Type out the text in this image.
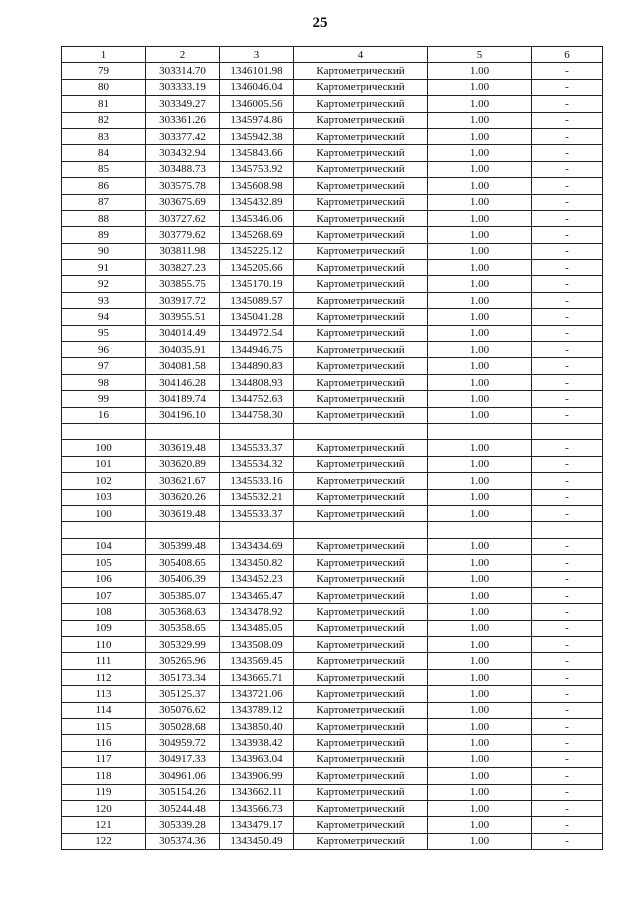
25
1	2	3	4	5	6
79	303314.70	1346101.98	Картометрический	1.00	-
80	303333.19	1346046.04	Картометрический	1.00	-
81	303349.27	1346005.56	Картометрический	1.00	-
82	303361.26	1345974.86	Картометрический	1.00	-
83	303377.42	1345942.38	Картометрический	1.00	-
84	303432.94	1345843.66	Картометрический	1.00	-
85	303488.73	1345753.92	Картометрический	1.00	-
86	303575.78	1345608.98	Картометрический	1.00	-
87	303675.69	1345432.89	Картометрический	1.00	-
88	303727.62	1345346.06	Картометрический	1.00	-
89	303779.62	1345268.69	Картометрический	1.00	-
90	303811.98	1345225.12	Картометрический	1.00	-
91	303827.23	1345205.66	Картометрический	1.00	-
92	303855.75	1345170.19	Картометрический	1.00	-
93	303917.72	1345089.57	Картометрический	1.00	-
94	303955.51	1345041.28	Картометрический	1.00	-
95	304014.49	1344972.54	Картометрический	1.00	-
96	304035.91	1344946.75	Картометрический	1.00	-
97	304081.58	1344890.83	Картометрический	1.00	-
98	304146.28	1344808.93	Картометрический	1.00	-
99	304189.74	1344752.63	Картометрический	1.00	-
16	304196.10	1344758.30	Картометрический	1.00	-

100	303619.48	1345533.37	Картометрический	1.00	-
101	303620.89	1345534.32	Картометрический	1.00	-
102	303621.67	1345533.16	Картометрический	1.00	-
103	303620.26	1345532.21	Картометрический	1.00	-
100	303619.48	1345533.37	Картометрический	1.00	-

104	305399.48	1343434.69	Картометрический	1.00	-
105	305408.65	1343450.82	Картометрический	1.00	-
106	305406.39	1343452.23	Картометрический	1.00	-
107	305385.07	1343465.47	Картометрический	1.00	-
108	305368.63	1343478.92	Картометрический	1.00	-
109	305358.65	1343485.05	Картометрический	1.00	-
110	305329.99	1343508.09	Картометрический	1.00	-
111	305265.96	1343569.45	Картометрический	1.00	-
112	305173.34	1343665.71	Картометрический	1.00	-
113	305125.37	1343721.06	Картометрический	1.00	-
114	305076.62	1343789.12	Картометрический	1.00	-
115	305028.68	1343850.40	Картометрический	1.00	-
116	304959.72	1343938.42	Картометрический	1.00	-
117	304917.33	1343963.04	Картометрический	1.00	-
118	304961.06	1343906.99	Картометрический	1.00	-
119	305154.26	1343662.11	Картометрический	1.00	-
120	305244.48	1343566.73	Картометрический	1.00	-
121	305339.28	1343479.17	Картометрический	1.00	-
122	305374.36	1343450.49	Картометрический	1.00	-
